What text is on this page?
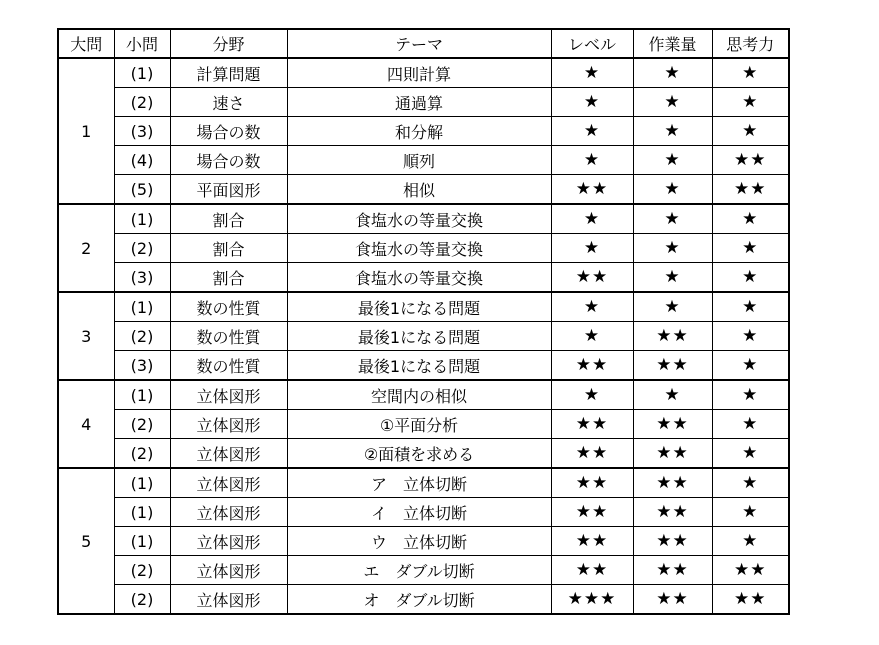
大問	小問	分野	テーマ	レベル	作業量	思考力
1	(1)	計算問題	四則計算	★	★	★
	(2)	速さ	通過算	★	★	★
	(3)	場合の数	和分解	★	★	★
	(4)	場合の数	順列	★	★	★★
	(5)	平面図形	相似	★★	★	★★
2	(1)	割合	食塩水の等量交換	★	★	★
	(2)	割合	食塩水の等量交換	★	★	★
	(3)	割合	食塩水の等量交換	★★	★	★
3	(1)	数の性質	最後1になる問題	★	★	★
	(2)	数の性質	最後1になる問題	★	★★	★
	(3)	数の性質	最後1になる問題	★★	★★	★
4	(1)	立体図形	空間内の相似	★	★	★
	(2)	立体図形	①平面分析	★★	★★	★
	(2)	立体図形	②面積を求める	★★	★★	★
5	(1)	立体図形	ア　立体切断	★★	★★	★
	(1)	立体図形	イ　立体切断	★★	★★	★
	(1)	立体図形	ウ　立体切断	★★	★★	★
	(2)	立体図形	エ　ダブル切断	★★	★★	★★
	(2)	立体図形	オ　ダブル切断	★★★	★★	★★
